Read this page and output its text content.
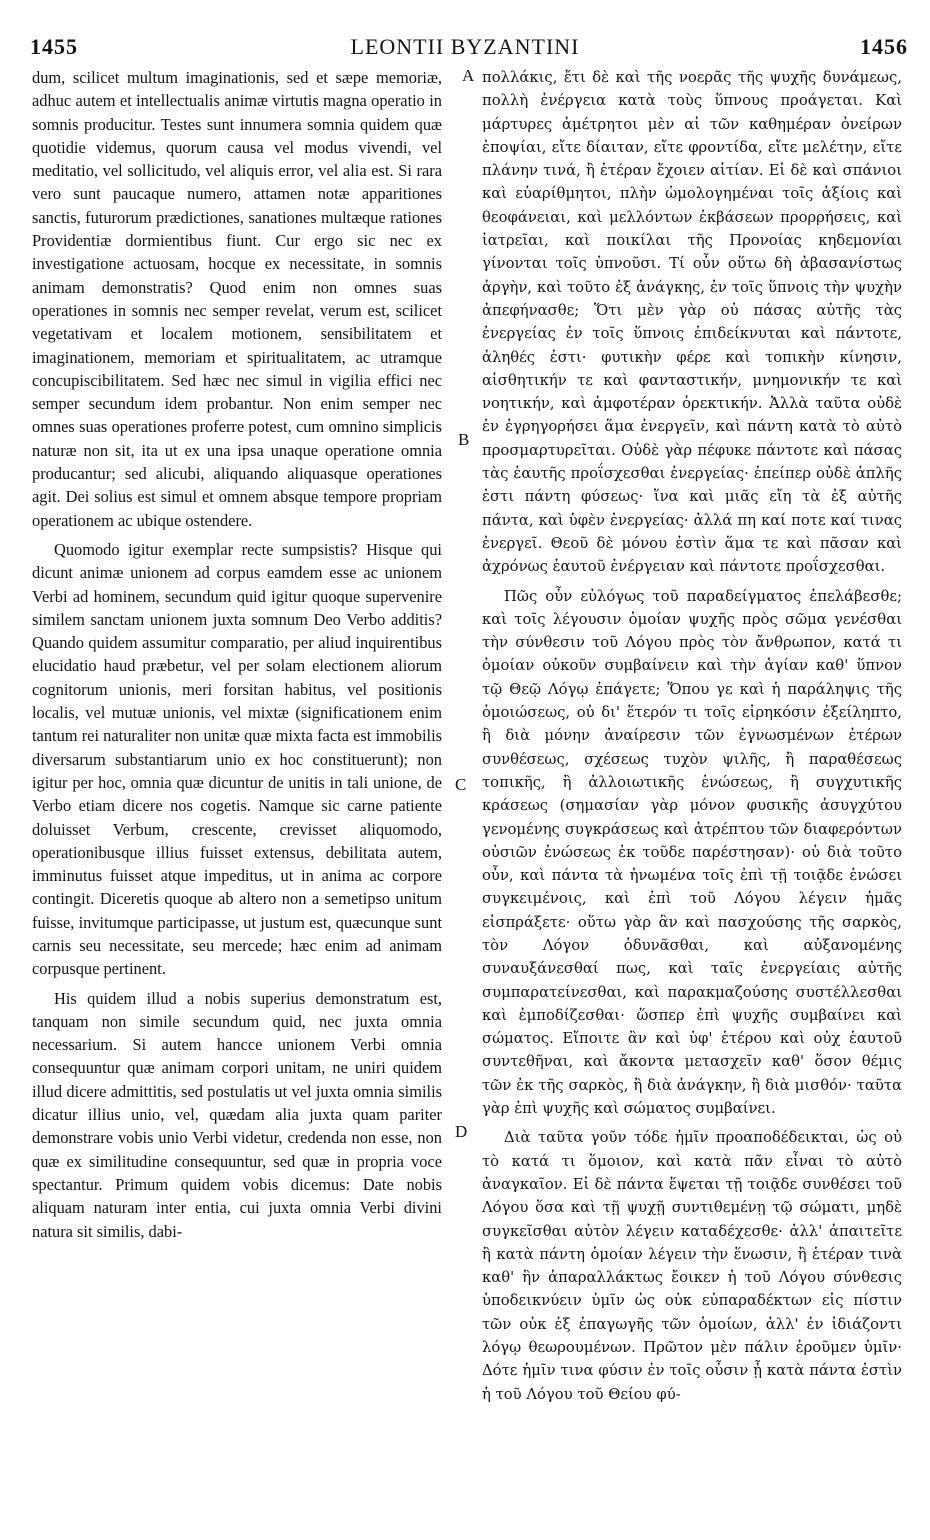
1455	LEONTII BYZANTINI	1456

dum, scilicet multum imaginationis, sed et sæpe memoriæ, adhuc autem et intellectualis animæ virtutis magna operatio in somnis producitur. Testes sunt innumera somnia quidem quæ quotidie videmus, quorum causa vel modus vivendi, vel meditatio, vel sollicitudo, vel aliquis error, vel alia est. Si rara vero sunt paucaque numero, attamen notæ apparitiones sanctis, futurorum prædictiones, sanationes multæque rationes Providentiæ dormientibus fiunt. Cur ergo sic nec ex investigatione actuosam, hocque ex necessitate, in somnis animam demonstratis? Quod enim non omnes suas operationes in somnis nec semper revelat, verum est, scilicet vegetativam et localem motionem, sensibilitatem et imaginationem, memoriam et spiritualitatem, ac utramque concupiscibilitatem. Sed hæc nec simul in vigilia effici nec semper secundum idem probantur. Non enim semper nec omnes suas operationes proferre potest, cum omnino simplicis naturæ non sit, ita ut ex una ipsa unaque operatione omnia producantur; sed alicubi, aliquando aliquasque operationes agit. Dei solius est simul et omnem absque tempore propriam operationem ac ubique ostendere.

Quomodo igitur exemplar recte sumpsistis? Hisque qui dicunt animæ unionem ad corpus eamdem esse ac unionem Verbi ad hominem, secundum quid igitur quoque supervenire similem sanctam unionem juxta somnum Deo Verbo additis? Quando quidem assumitur comparatio, per aliud inquirentibus elucidatio haud præbetur, vel per solam electionem aliorum cognitorum unionis, meri forsitan habitus, vel positionis localis, vel mutuæ unionis, vel mixtæ (significationem enim tantum rei naturaliter non unitæ quæ mixta facta est immobilis diversarum substantiarum unio ex hoc constituerunt); non igitur per hoc, omnia quæ dicuntur de unitis in tali unione, de Verbo etiam dicere nos cogetis. Namque sic carne patiente doluisset Verbum, crescente, crevisset aliquomodo, operationibusque illius fuisset extensus, debilitata autem, imminutus fuisset atque impeditus, ut in anima ac corpore contingit. Diceretis quoque ab altero non a semetipso unitum fuisse, invitumque participasse, ut justum est, quæcunque sunt carnis seu necessitate, seu mercede; hæc enim ad animam corpusque pertinent.

His quidem illud a nobis superius demonstratum est, tanquam non simile secundum quid, nec juxta omnia necessarium. Si autem hancce unionem Verbi omnia consequuntur quæ animam corpori unitam, ne uniri quidem illud dicere admittitis, sed postulatis ut vel juxta omnia similis dicatur illius unio, vel, quædam alia juxta quam pariter demonstrare vobis unio Verbi videtur, credenda non esse, non quæ ex similitudine consequuntur, sed quæ in propria voce spectantur. Primum quidem vobis dicemus: Date nobis aliquam naturam inter entia, cui juxta omnia Verbi divini natura sit similis, dabi-

A
B
C
D

πολλάκις, ἔτι δὲ καὶ τῆς νοερᾶς τῆς ψυχῆς δυνάμεως, πολλὴ ἐνέργεια κατὰ τοὺς ὕπνους προάγεται. Καὶ μάρτυρες ἀμέτρητοι μὲν αἱ τῶν καθημέραν ὀνείρων ἐποψίαι, εἴτε δίαιταν, εἴτε φροντίδα, εἴτε μελέτην, εἴτε πλάνην τινά, ἢ ἑτέραν ἔχοιεν αἰτίαν. Εἰ δὲ καὶ σπάνιοι καὶ εὐαρίθμητοι, πλὴν ὡμολογημέναι τοῖς ἀξίοις καὶ θεοφάνειαι, καὶ μελλόντων ἐκβάσεων προρρήσεις, καὶ ἰατρεῖαι, καὶ ποικίλαι τῆς Προνοίας κηδεμονίαι γίνονται τοῖς ὑπνοῦσι. Τί οὖν οὕτω δὴ ἀβασανίστως ἀργὴν, καὶ τοῦτο ἐξ ἀνάγκης, ἐν τοῖς ὕπνοις τὴν ψυχὴν ἀπεφήνασθε; Ὅτι μὲν γὰρ οὐ πάσας αὐτῆς τὰς ἐνεργείας ἐν τοῖς ὕπνοις ἐπιδείκνυται καὶ πάντοτε, ἀληθές ἐστι· φυτικὴν φέρε καὶ τοπικὴν κίνησιν, αἰσθητικήν τε καὶ φανταστικήν, μνημονικήν τε καὶ νοητικήν, καὶ ἀμφοτέραν ὀρεκτικήν. Ἀλλὰ ταῦτα οὐδὲ ἐν ἐγρηγορήσει ἅμα ἐνεργεῖν, καὶ πάντη κατὰ τὸ αὐτὸ προσμαρτυρεῖται. Οὐδὲ γὰρ πέφυκε πάντοτε καὶ πάσας τὰς ἑαυτῆς προΐσχεσθαι ἐνεργείας· ἐπείπερ οὐδὲ ἁπλῆς ἐστι πάντη φύσεως· ἵνα καὶ μιᾶς εἴη τὰ ἐξ αὐτῆς πάντα, καὶ ὑφὲν ἐνεργείας· ἀλλά πη καί ποτε καί τινας ἐνεργεῖ. Θεοῦ δὲ μόνου ἐστὶν ἅμα τε καὶ πᾶσαν καὶ ἀχρόνως ἑαυτοῦ ἐνέργειαν καὶ πάντοτε προΐσχεσθαι.

Πῶς οὖν εὐλόγως τοῦ παραδείγματος ἐπελάβεσθε; καὶ τοῖς λέγουσιν ὁμοίαν ψυχῆς πρὸς σῶμα γενέσθαι τὴν σύνθεσιν τοῦ Λόγου πρὸς τὸν ἄνθρωπον, κατά τι ὁμοίαν οὐκοῦν συμβαίνειν καὶ τὴν ἁγίαν καθ' ὕπνον τῷ Θεῷ Λόγῳ ἐπάγετε; Ὅπου γε καὶ ἡ παράληψις τῆς ὁμοιώσεως, οὐ δι' ἕτερόν τι τοῖς εἰρηκόσιν ἐξείληπτο, ἢ διὰ μόνην ἀναίρεσιν τῶν ἐγνωσμένων ἑτέρων συνθέσεως, σχέσεως τυχὸν ψιλῆς, ἢ παραθέσεως τοπικῆς, ἢ ἀλλοιωτικῆς ἑνώσεως, ἢ συγχυτικῆς κράσεως (σημασίαν γὰρ μόνον φυσικῆς ἀσυγχύτου γενομένης συγκράσεως καὶ ἀτρέπτου τῶν διαφερόντων οὐσιῶν ἑνώσεως ἐκ τοῦδε παρέστησαν)· οὐ διὰ τοῦτο οὖν, καὶ πάντα τὰ ἡνωμένα τοῖς ἐπὶ τῇ τοιᾷδε ἑνώσει συγκειμένοις, καὶ ἐπὶ τοῦ Λόγου λέγειν ἡμᾶς εἰσπράξετε· οὕτω γὰρ ἂν καὶ πασχούσης τῆς σαρκὸς, τὸν Λόγον ὀδυνᾶσθαι, καὶ αὐξανομένης συναυξάνεσθαί πως, καὶ ταῖς ἐνεργείαις αὐτῆς συμπαρατείνεσθαι, καὶ παρακμαζούσης συστέλλεσθαι καὶ ἐμποδίζεσθαι· ὥσπερ ἐπὶ ψυχῆς συμβαίνει καὶ σώματος. Εἴποιτε ἂν καὶ ὑφ' ἑτέρου καὶ οὐχ ἑαυτοῦ συντεθῆναι, καὶ ἄκοντα μετασχεῖν καθ' ὅσον θέμις τῶν ἐκ τῆς σαρκὸς, ἢ διὰ ἀνάγκην, ἢ διὰ μισθόν· ταῦτα γὰρ ἐπὶ ψυχῆς καὶ σώματος συμβαίνει.

Διὰ ταῦτα γοῦν τόδε ἡμῖν προαποδέδεικται, ὡς οὐ τὸ κατά τι ὅμοιον, καὶ κατὰ πᾶν εἶναι τὸ αὐτὸ ἀναγκαῖον. Εἰ δὲ πάντα ἕψεται τῇ τοιᾷδε συνθέσει τοῦ Λόγου ὅσα καὶ τῇ ψυχῇ συντιθεμένῃ τῷ σώματι, μηδὲ συγκεῖσθαι αὐτὸν λέγειν καταδέχεσθε· ἀλλ' ἀπαιτεῖτε ἢ κατὰ πάντη ὁμοίαν λέγειν τὴν ἕνωσιν, ἢ ἑτέραν τινὰ καθ' ἣν ἀπαραλλάκτως ἔοικεν ἡ τοῦ Λόγου σύνθεσις ὑποδεικνύειν ὑμῖν ὡς οὐκ εὐπαραδέκτων εἰς πίστιν τῶν οὐκ ἐξ ἐπαγωγῆς τῶν ὁμοίων, ἀλλ' ἐν ἰδιάζοντι λόγῳ θεωρουμένων. Πρῶτον μὲν πάλιν ἐροῦμεν ὑμῖν· Δότε ἡμῖν τινα φύσιν ἐν τοῖς οὖσιν ᾗ κατὰ πάντα ἐστὶν ἡ τοῦ Λόγου τοῦ Θείου φύ-
